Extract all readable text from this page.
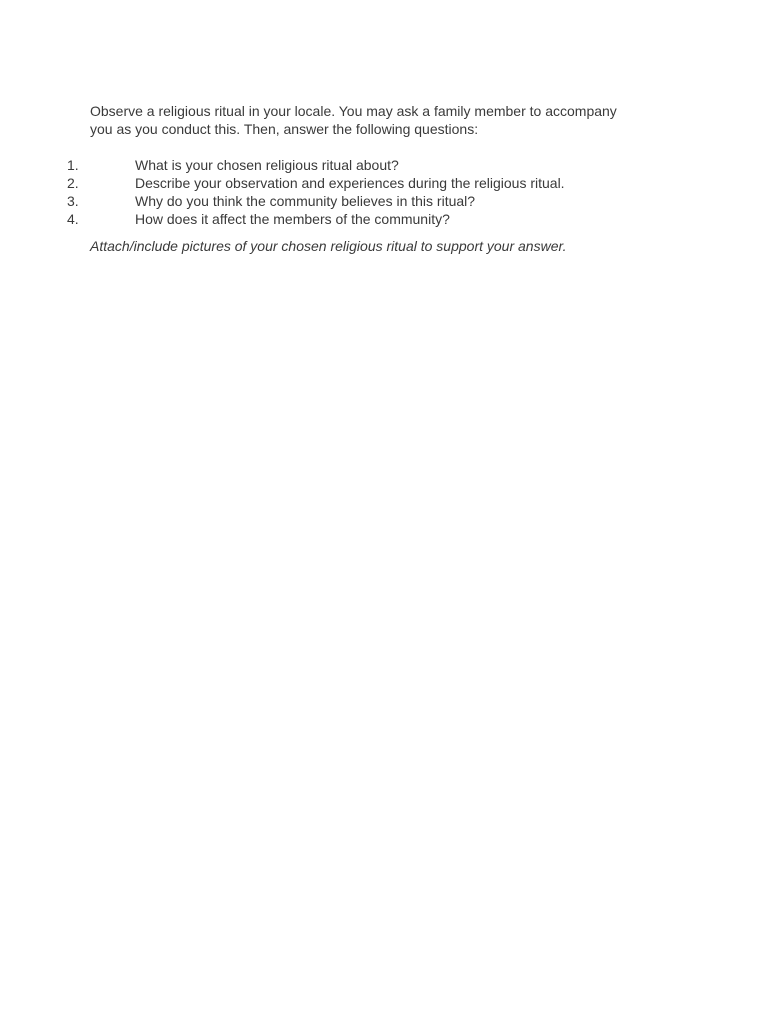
Observe a religious ritual in your locale. You may ask a family member to accompany
you as you conduct this. Then, answer the following questions:

1.	What is your chosen religious ritual about?
2.	Describe your observation and experiences during the religious ritual.
3.	Why do you think the community believes in this ritual?
4.	How does it affect the members of the community?

Attach/include pictures of your chosen religious ritual to support your answer.
